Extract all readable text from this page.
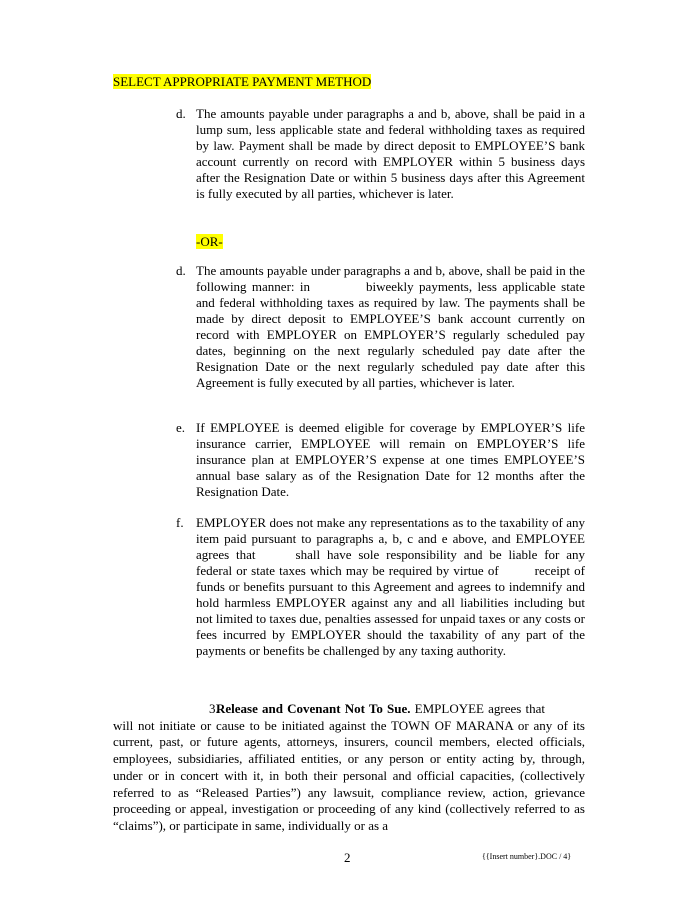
SELECT APPROPRIATE PAYMENT METHOD
d. The amounts payable under paragraphs a and b, above, shall be paid in a lump sum, less applicable state and federal withholding taxes as required by law. Payment shall be made by direct deposit to EMPLOYEE’S bank account currently on record with EMPLOYER within 5 business days after the Resignation Date or within 5 business days after this Agreement is fully executed by all parties, whichever is later.
-OR-
d. The amounts payable under paragraphs a and b, above, shall be paid in the following manner: in	biweekly payments, less applicable state and federal withholding taxes as required by law. The payments shall be made by direct deposit to EMPLOYEE’S bank account currently on record with EMPLOYER on EMPLOYER’S regularly scheduled pay dates, beginning on the next regularly scheduled pay date after the Resignation Date or the next regularly scheduled pay date after this Agreement is fully executed by all parties, whichever is later.
e. If EMPLOYEE is deemed eligible for coverage by EMPLOYER’S life insurance carrier, EMPLOYEE will remain on EMPLOYER’S life insurance plan at EMPLOYER’S expense at one times EMPLOYEE’S annual base salary as of the Resignation Date for 12 months after the Resignation Date.
f. EMPLOYER does not make any representations as to the taxability of any item paid pursuant to paragraphs a, b, c and e above, and EMPLOYEE agrees that	shall have sole responsibility and be liable for any federal or state taxes which may be required by virtue of	receipt of funds or benefits pursuant to this Agreement and agrees to indemnify and hold harmless EMPLOYER against any and all liabilities including but not limited to taxes due, penalties assessed for unpaid taxes or any costs or fees incurred by EMPLOYER should the taxability of any part of the payments or benefits be challenged by any taxing authority.

3.Release and Covenant Not To Sue. EMPLOYEE agrees thatwill not initiate or cause to be initiated against the TOWN OF MARANA or any of its current, past, or future agents, attorneys, insurers, council members, elected officials, employees, subsidiaries, affiliated entities, or any person or entity acting by, through, under or in concert with it, in both their personal and official capacities, (collectively referred to as “Released Parties”) any lawsuit, compliance review, action, grievance proceeding or appeal, investigation or proceeding of any kind (collectively referred to as “claims”), or participate in same, individually or as a

2	{{Insert number}.DOC / 4}
